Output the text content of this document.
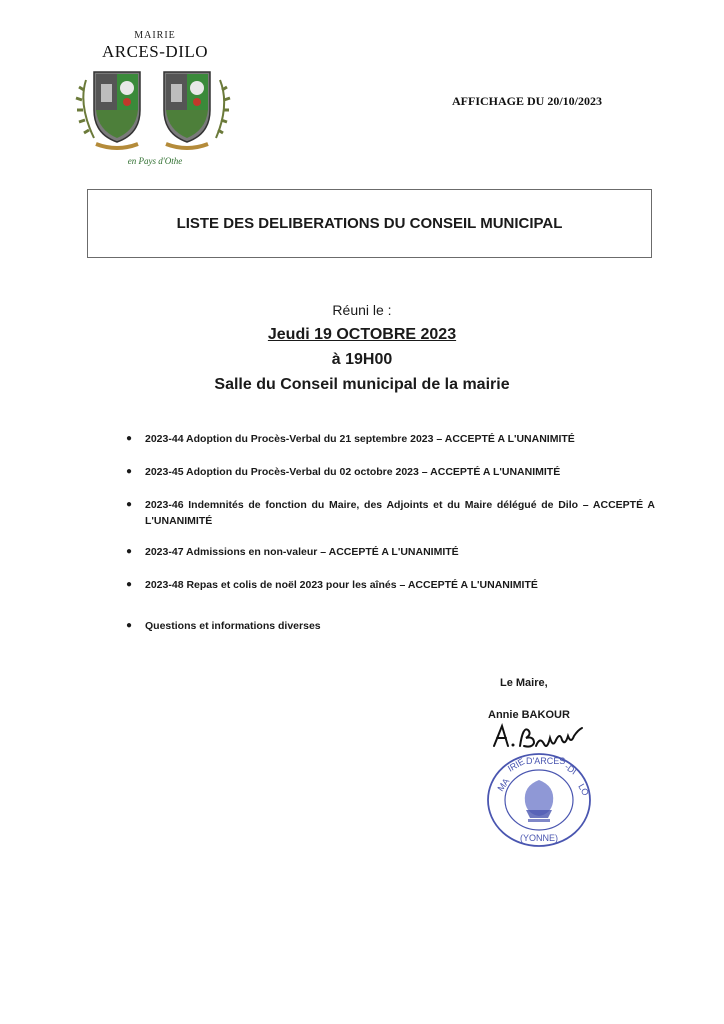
MAIRIE
ARCES-DILO
en Pays d'Othe
AFFICHAGE DU 20/10/2023
LISTE DES DELIBERATIONS DU CONSEIL MUNICIPAL
Réuni le :
Jeudi 19 OCTOBRE 2023
à 19H00
Salle du Conseil municipal de la mairie
● 2023-44 Adoption du Procès-Verbal du 21 septembre 2023 – ACCEPTÉ A L'UNANIMITÉ
● 2023-45 Adoption du Procès-Verbal du 02 octobre 2023 – ACCEPTÉ A L'UNANIMITÉ
● 2023-46 Indemnités de fonction du Maire, des Adjoints et du Maire délégué de Dilo – ACCEPTÉ A L'UNANIMITÉ
● 2023-47 Admissions en non-valeur – ACCEPTÉ A L'UNANIMITÉ
● 2023-48 Repas et colis de noël 2023 pour les aînés – ACCEPTÉ A L'UNANIMITÉ
● Questions et informations diverses
Le Maire,
Annie BAKOUR
MA
IRIE D'ARCES
-DI
LO
(YONNE)
